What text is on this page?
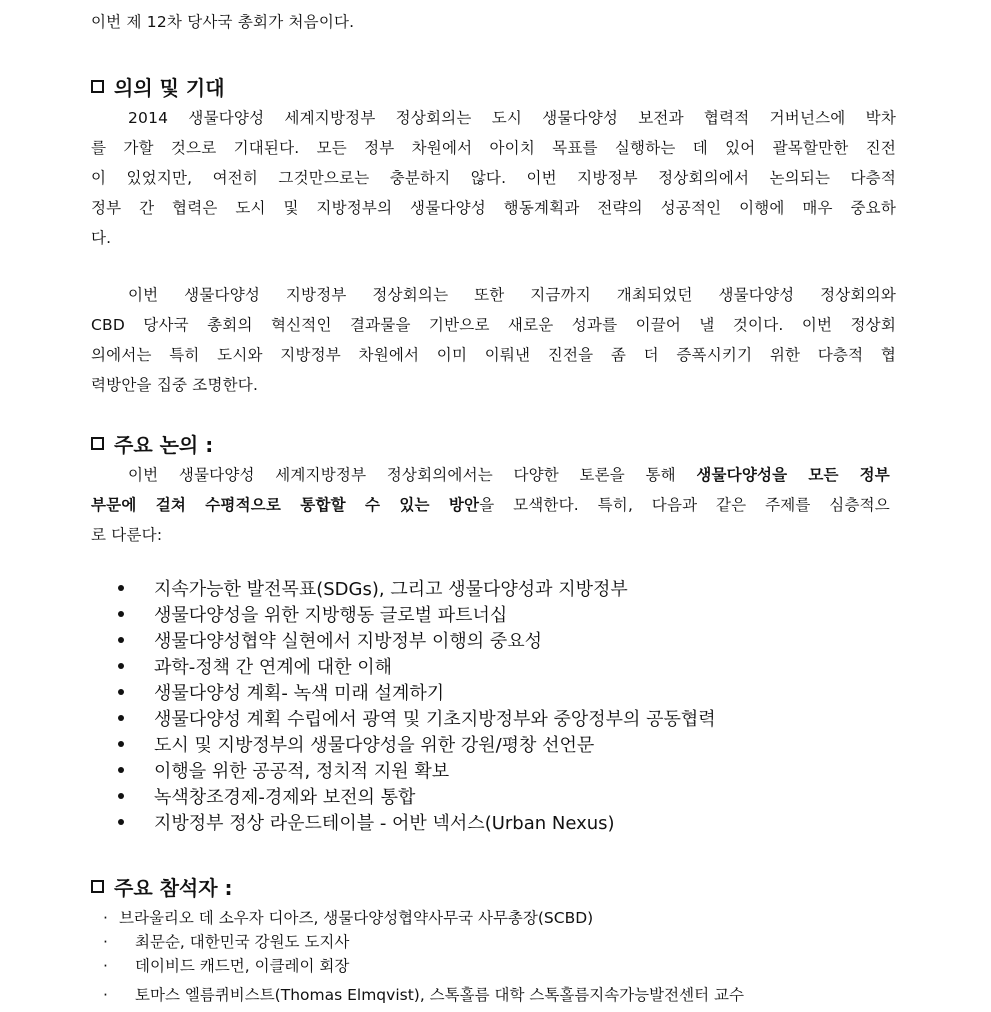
이번 제 12차 당사국 총회가 처음이다.
의의 및 기대
2014 생물다양성 세계지방정부 정상회의는 도시 생물다양성 보전과 협력적 거버넌스에 박차
를 가할 것으로 기대된다. 모든 정부 차원에서 아이치 목표를 실행하는 데 있어 괄목할만한 진전
이 있었지만, 여전히 그것만으로는 충분하지 않다. 이번 지방정부 정상회의에서 논의되는 다층적
정부 간 협력은 도시 및 지방정부의 생물다양성 행동계획과 전략의 성공적인 이행에 매우 중요하
다.
이번 생물다양성 지방정부 정상회의는 또한 지금까지 개최되었던 생물다양성 정상회의와
CBD 당사국 총회의 혁신적인 결과물을 기반으로 새로운 성과를 이끌어 낼 것이다. 이번 정상회
의에서는 특히 도시와 지방정부 차원에서 이미 이뤄낸 진전을 좀 더 증폭시키기 위한 다층적 협
력방안을 집중 조명한다.
주요 논의 :
이번 생물다양성 세계지방정부 정상회의에서는 다양한 토론을 통해 생물다양성을 모든 정부
부문에 걸쳐 수평적으로 통합할 수 있는 방안을 모색한다. 특히, 다음과 같은 주제를 심층적으
로 다룬다:
지속가능한 발전목표(SDGs), 그리고 생물다양성과 지방정부
생물다양성을 위한 지방행동 글로벌 파트너십
생물다양성협약 실현에서 지방정부 이행의 중요성
과학-정책 간 연계에 대한 이해
생물다양성 계획- 녹색 미래 설계하기
생물다양성 계획 수립에서 광역 및 기초지방정부와 중앙정부의 공동협력
도시 및 지방정부의 생물다양성을 위한 강원/평창 선언문
이행을 위한 공공적, 정치적 지원 확보
녹색창조경제-경제와 보전의 통합
지방정부 정상 라운드테이블 - 어반 넥서스(Urban Nexus)
주요 참석자 :
· 브라울리오 데 소우자 디아즈, 생물다양성협약사무국 사무총장(SCBD)
· 최문순, 대한민국 강원도 도지사
· 데이비드 캐드먼, 이클레이 회장
· 토마스 엘름퀴비스트(Thomas Elmqvist), 스톡홀름 대학 스톡홀름지속가능발전센터 교수
